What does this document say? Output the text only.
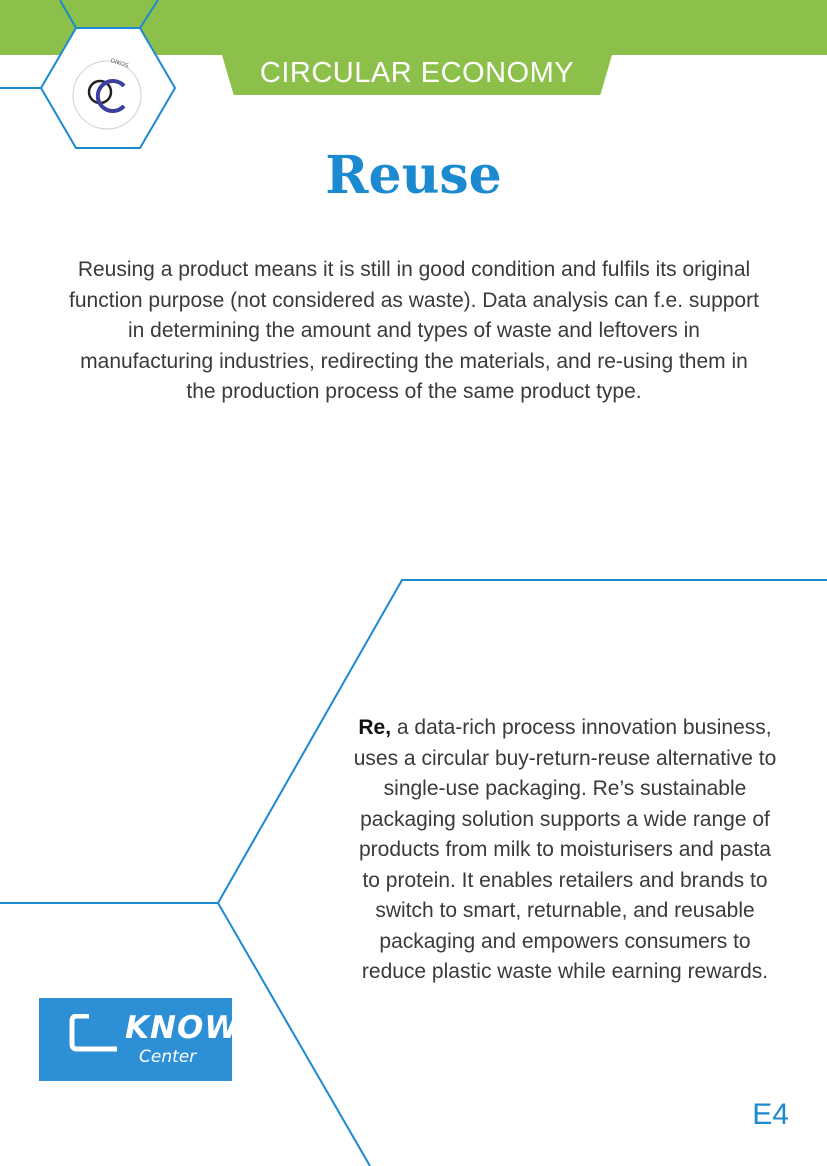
CIRCULAR ECONOMY
OIKOS
Reuse
Reusing a product means it is still in good condition and fulfils its original function purpose (not considered as waste). Data analysis can f.e. support in determining the amount and types of waste and leftovers in manufacturing industries, redirecting the materials, and re-using them in the production process of the same product type.
Re, a data-rich process innovation business, uses a circular buy-return-reuse alternative to single-use packaging. Re’s sustainable packaging solution supports a wide range of products from milk to moisturisers and pasta to protein. It enables retailers and brands to switch to smart, returnable, and reusable packaging and empowers consumers to reduce plastic waste while earning rewards.
KNOW
Center
E4
